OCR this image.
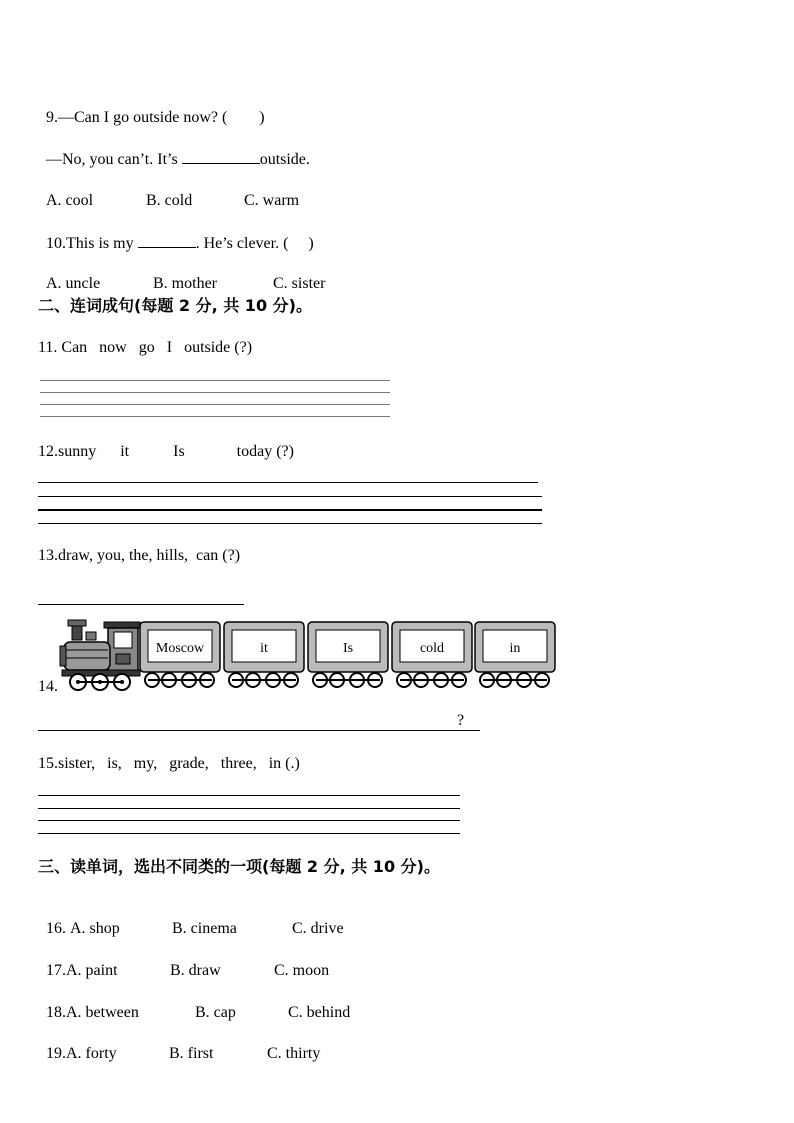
9.—Can I go outside now? (        )

—No, you can’t. It’s	outside.

A. cool	B. cold	C. warm

10.This is my	. He’s clever. (     )

A. uncle	B. mother	C. sister

二、连词成句(每题 2 分, 共 10 分)。
11. Can   now   go   I   outside (?)
12.sunny      it           Is             today (?)
13.draw, you, the, hills,  can (?)
14.
Moscow	it	Is	cold	in
?
15.sister,   is,   my,   grade,   three,   in (.)
三、读单词，选出不同类的一项(每题 2 分, 共 10 分)。

16. A. shop	B. cinema	C. drive

17.A. paint	B. draw	C. moon

18.A. between	B. cap	C. behind

19.A. forty	B. first	C. thirty
